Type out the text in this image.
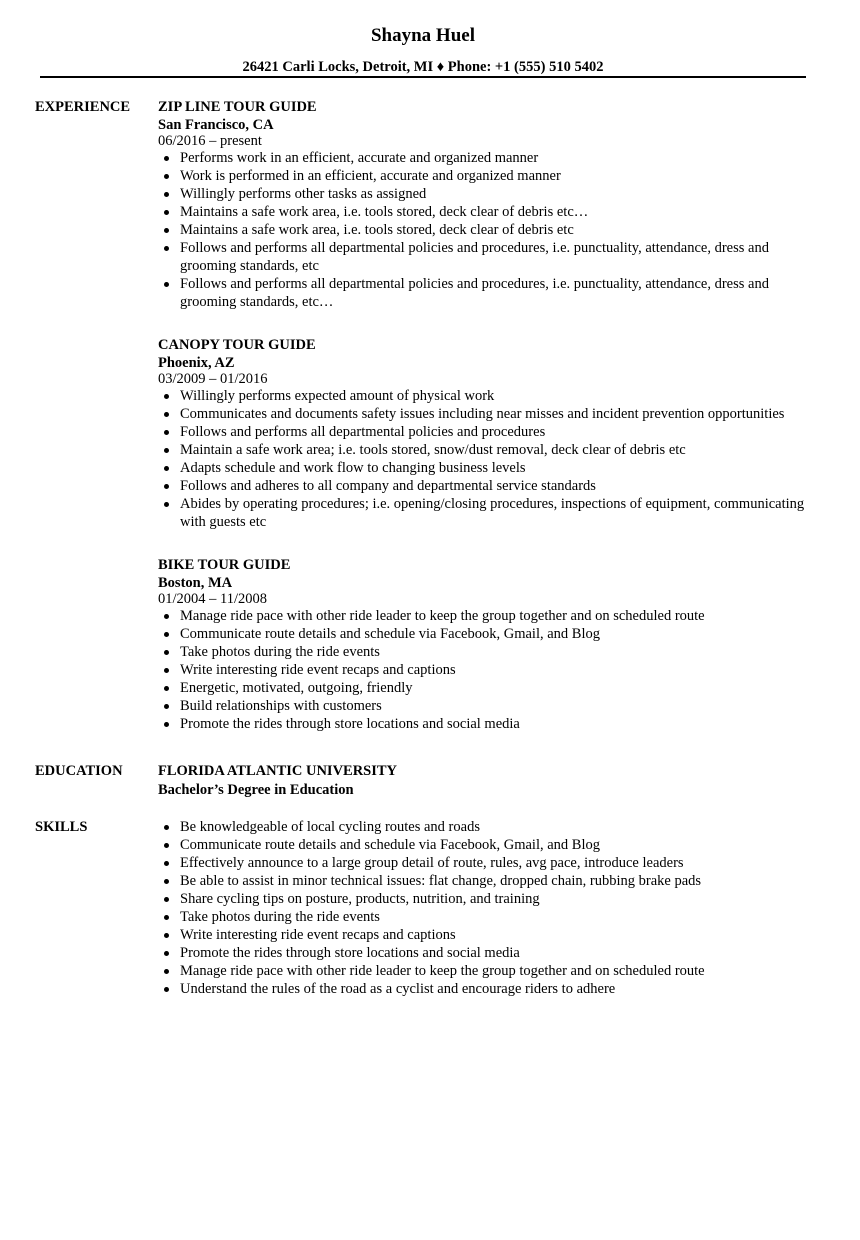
Shayna Huel
26421 Carli Locks, Detroit, MI ♦ Phone: +1 (555) 510 5402
EXPERIENCE ZIP LINE TOUR GUIDE
San Francisco, CA
06/2016 – present
Performs work in an efficient, accurate and organized manner
Work is performed in an efficient, accurate and organized manner
Willingly performs other tasks as assigned
Maintains a safe work area, i.e. tools stored, deck clear of debris etc…
Maintains a safe work area, i.e. tools stored, deck clear of debris etc
Follows and performs all departmental policies and procedures, i.e. punctuality, attendance, dress and grooming standards, etc
Follows and performs all departmental policies and procedures, i.e. punctuality, attendance, dress and grooming standards, etc…
CANOPY TOUR GUIDE
Phoenix, AZ
03/2009 – 01/2016
Willingly performs expected amount of physical work
Communicates and documents safety issues including near misses and incident prevention opportunities
Follows and performs all departmental policies and procedures
Maintain a safe work area; i.e. tools stored, snow/dust removal, deck clear of debris etc
Adapts schedule and work flow to changing business levels
Follows and adheres to all company and departmental service standards
Abides by operating procedures; i.e. opening/closing procedures, inspections of equipment, communicating with guests etc
BIKE TOUR GUIDE
Boston, MA
01/2004 – 11/2008
Manage ride pace with other ride leader to keep the group together and on scheduled route
Communicate route details and schedule via Facebook, Gmail, and Blog
Take photos during the ride events
Write interesting ride event recaps and captions
Energetic, motivated, outgoing, friendly
Build relationships with customers
Promote the rides through store locations and social media
EDUCATION FLORIDA ATLANTIC UNIVERSITY
Bachelor’s Degree in Education
SKILLS	Be knowledgeable of local cycling routes and roads
Communicate route details and schedule via Facebook, Gmail, and Blog
Effectively announce to a large group detail of route, rules, avg pace, introduce leaders
Be able to assist in minor technical issues: flat change, dropped chain, rubbing brake pads
Share cycling tips on posture, products, nutrition, and training
Take photos during the ride events
Write interesting ride event recaps and captions
Promote the rides through store locations and social media
Manage ride pace with other ride leader to keep the group together and on scheduled route
Understand the rules of the road as a cyclist and encourage riders to adhere
